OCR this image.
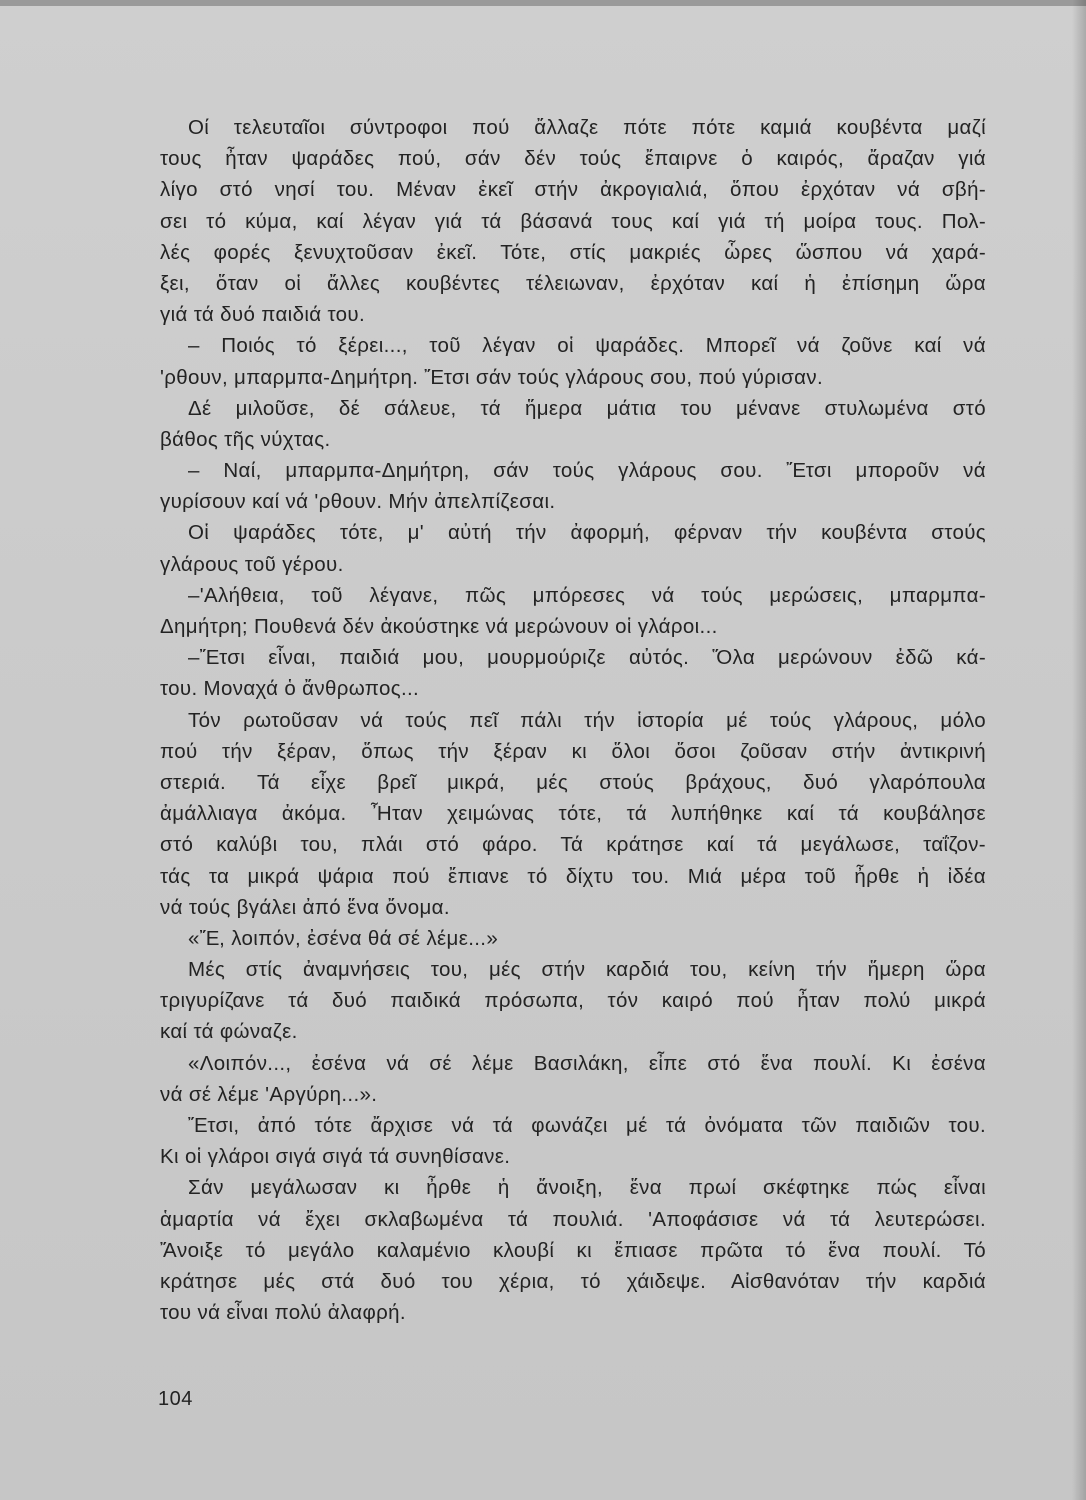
Οί τελευταῖοι σύντροφοι πού ἄλλαζε πότε πότε καμιά κουβέντα μαζί
τους ἦταν ψαράδες πού, σάν δέν τούς ἔπαιρνε ὁ καιρός, ἄραζαν γιά
λίγο στό νησί του. Μέναν ἐκεῖ στήν ἀκρογιαλιά, ὅπου ἐρχόταν νά σβή-
σει τό κύμα, καί λέγαν γιά τά βάσανά τους καί γιά τή μοίρα τους. Πολ-
λές φορές ξενυχτοῦσαν ἐκεῖ. Τότε, στίς μακριές ὧρες ὥσπου νά χαρά-
ξει, ὅταν οἱ ἄλλες κουβέντες τέλειωναν, ἐρχόταν καί ἡ ἐπίσημη ὥρα
γιά τά δυό παιδιά του.
– Ποιός τό ξέρει..., τοῦ λέγαν οἱ ψαράδες. Μπορεῖ νά ζοῦνε καί νά
'ρθουν, μπαρμπα-Δημήτρη. Ἔτσι σάν τούς γλάρους σου, πού γύρισαν.
Δέ μιλοῦσε, δέ σάλευε, τά ἥμερα μάτια του μένανε στυλωμένα στό
βάθος τῆς νύχτας.
– Ναί, μπαρμπα-Δημήτρη, σάν τούς γλάρους σου. Ἔτσι μποροῦν νά
γυρίσουν καί νά 'ρθουν. Μήν ἀπελπίζεσαι.
Οἱ ψαράδες τότε, μ' αὐτή τήν ἀφορμή, φέρναν τήν κουβέντα στούς
γλάρους τοῦ γέρου.
–'Αλήθεια, τοῦ λέγανε, πῶς μπόρεσες νά τούς μερώσεις, μπαρμπα-
Δημήτρη; Πουθενά δέν ἀκούστηκε νά μερώνουν οἱ γλάροι...
–Ἔτσι εἶναι, παιδιά μου, μουρμούριζε αὐτός. Ὅλα μερώνουν ἐδῶ κά-
του. Μοναχά ὁ ἄνθρωπος...
Τόν ρωτοῦσαν νά τούς πεῖ πάλι τήν ἱστορία μέ τούς γλάρους, μόλο
πού τήν ξέραν, ὅπως τήν ξέραν κι ὅλοι ὅσοι ζοῦσαν στήν ἀντικρινή
στεριά. Τά εἶχε βρεῖ μικρά, μές στούς βράχους, δυό γλαρόπουλα
ἀμάλλιαγα ἀκόμα. Ἦταν χειμώνας τότε, τά λυπήθηκε καί τά κουβάλησε
στό καλύβι του, πλάι στό φάρο. Τά κράτησε καί τά μεγάλωσε, ταΐζον-
τάς τα μικρά ψάρια πού ἔπιανε τό δίχτυ του. Μιά μέρα τοῦ ἦρθε ἡ ἰδέα
νά τούς βγάλει ἀπό ἕνα ὄνομα.
«Ἔ, λοιπόν, ἐσένα θά σέ λέμε...»
Μές στίς ἀναμνήσεις του, μές στήν καρδιά του, κείνη τήν ἥμερη ὥρα
τριγυρίζανε τά δυό παιδικά πρόσωπα, τόν καιρό πού ἦταν πολύ μικρά
καί τά φώναζε.
«Λοιπόν..., ἐσένα νά σέ λέμε Βασιλάκη, εἶπε στό ἕνα πουλί. Κι ἐσένα
νά σέ λέμε 'Αργύρη...».
Ἔτσι, ἀπό τότε ἄρχισε νά τά φωνάζει μέ τά ὀνόματα τῶν παιδιῶν του.
Κι οἱ γλάροι σιγά σιγά τά συνηθίσανε.
Σάν μεγάλωσαν κι ἦρθε ἡ ἄνοιξη, ἕνα πρωί σκέφτηκε πώς εἶναι
ἁμαρτία νά ἔχει σκλαβωμένα τά πουλιά. 'Αποφάσισε νά τά λευτερώσει.
Ἄνοιξε τό μεγάλο καλαμένιο κλουβί κι ἔπιασε πρῶτα τό ἕνα πουλί. Τό
κράτησε μές στά δυό του χέρια, τό χάιδεψε. Αἰσθανόταν τήν καρδιά
του νά εἶναι πολύ ἀλαφρή.
104
